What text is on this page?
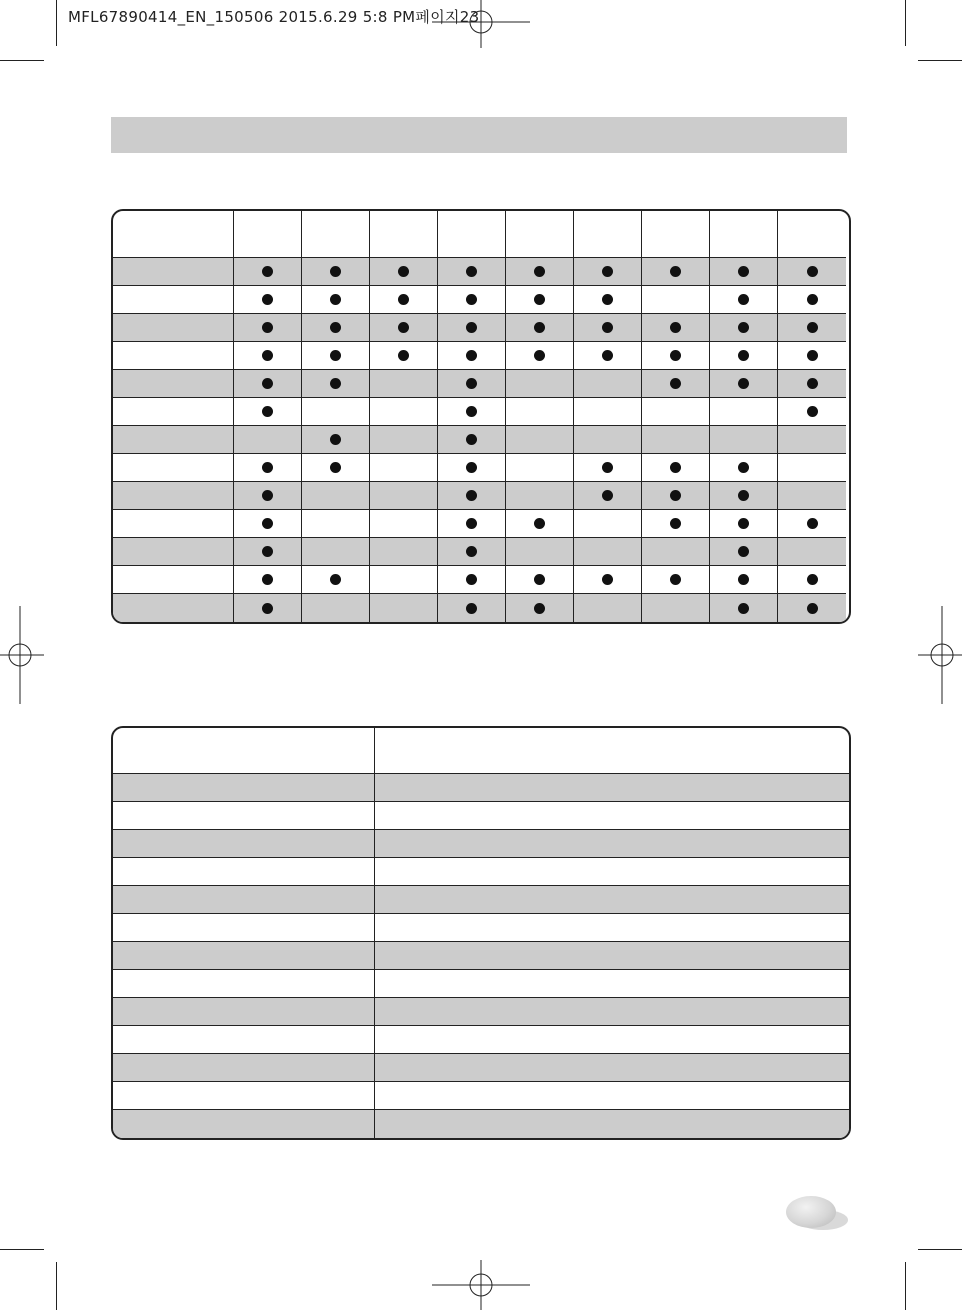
MFL67890414_EN_150506 2015.6.29 5:8 PM페이지23
